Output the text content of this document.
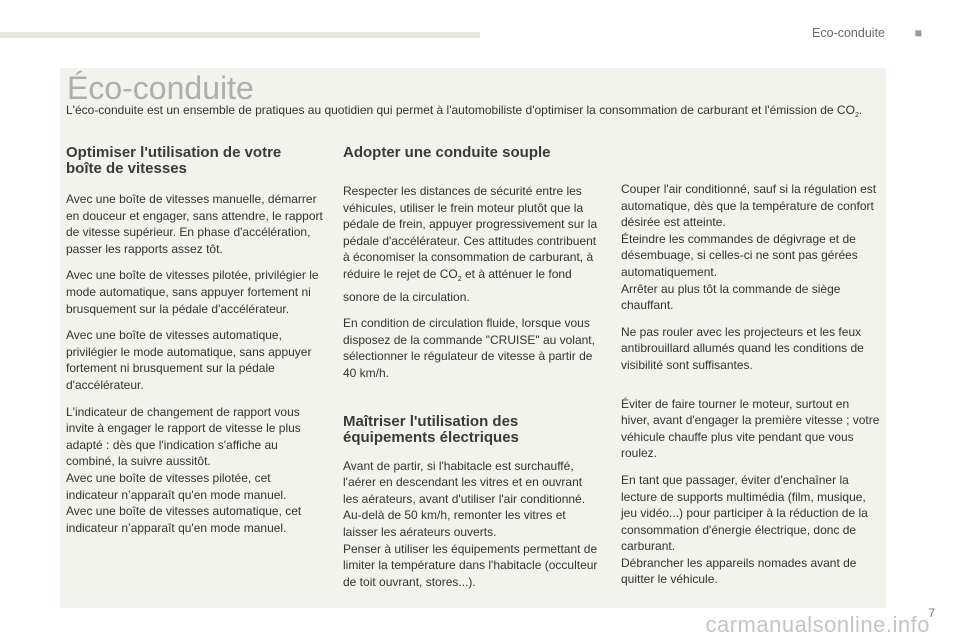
Eco-conduite ■
Éco-conduite
L'éco-conduite est un ensemble de pratiques au quotidien qui permet à l'automobiliste d'optimiser la consommation de carburant et l'émission de $CO_2$.
Optimiser l'utilisation de votre
boîte de vitesses

Avec une boîte de vitesses manuelle, démarrer en douceur et engager, sans attendre, le rapport de vitesse supérieur. En phase d'accélération, passer les rapports assez tôt.

Avec une boîte de vitesses pilotée, privilégier le mode automatique, sans appuyer fortement ni brusquement sur la pédale d'accélérateur.

Avec une boîte de vitesses automatique, privilégier le mode automatique, sans appuyer fortement ni brusquement sur la pédale d'accélérateur.

L'indicateur de changement de rapport vous invite à engager le rapport de vitesse le plus adapté : dès que l'indication s'affiche au combiné, la suivre aussitôt.

Avec une boîte de vitesses pilotée, cet indicateur n’apparaît qu'en mode manuel.

Avec une boîte de vitesses automatique, cet indicateur n’apparaît qu'en mode manuel.

Adopter une conduite souple

Respecter les distances de sécurité entre les véhicules, utiliser le frein moteur plutôt que la pédale de frein, appuyer progressivement sur la pédale d'accélérateur. Ces attitudes contribuent à économiser la consommation de carburant, à réduire le rejet de $CO_2$ et à atténuer le fond sonore de la circulation.

En condition de circulation fluide, lorsque vous disposez de la commande "CRUISE" au volant, sélectionner le régulateur de vitesse à partir de 40 km/h.

Maîtriser l'utilisation des
équipements électriques

Avant de partir, si l'habitacle est surchauffé, l'aérer en descendant les vitres et en ouvrant les aérateurs, avant d'utiliser l'air conditionné.

Au-delà de 50 km/h, remonter les vitres et laisser les aérateurs ouverts.

Penser à utiliser les équipements permettant de limiter la température dans l'habitacle (occulteur de toit ouvrant, stores...).

Couper l'air conditionné, sauf si la régulation est automatique, dès que la température de confort désirée est atteinte.

Éteindre les commandes de dégivrage et de désembuage, si celles-ci ne sont pas gérées automatiquement.

Arrêter au plus tôt la commande de siège chauffant.

Ne pas rouler avec les projecteurs et les feux antibrouillard allumés quand les conditions de visibilité sont suffisantes.

Éviter de faire tourner le moteur, surtout en hiver, avant d'engager la première vitesse ; votre véhicule chauffe plus vite pendant que vous roulez.

En tant que passager, éviter d'enchaîner la lecture de supports multimédia (film, musique, jeu vidéo...) pour participer à la réduction de la consommation d'énergie électrique, donc de carburant.

Débrancher les appareils nomades avant de quitter le véhicule.

7
carmanualsonline.info
